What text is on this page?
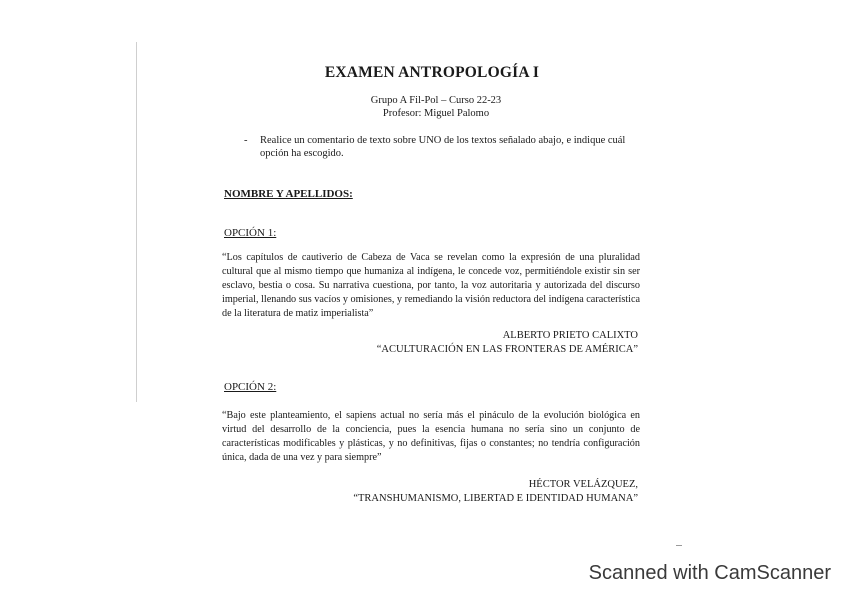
EXAMEN ANTROPOLOGÍA I
Grupo A Fil-Pol – Curso 22-23
Profesor: Miguel Palomo
- Realice un comentario de texto sobre UNO de los textos señalado abajo, e indique cuál opción ha escogido.
NOMBRE Y APELLIDOS:
OPCIÓN 1:
“Los capítulos de cautiverio de Cabeza de Vaca se revelan como la expresión de una pluralidad cultural que al mismo tiempo que humaniza al indígena, le concede voz, permitiéndole existir sin ser esclavo, bestia o cosa. Su narrativa cuestiona, por tanto, la voz autoritaria y autorizada del discurso imperial, llenando sus vacíos y omisiones, y remediando la visión reductora del indígena característica de la literatura de matiz imperialista”
ALBERTO PRIETO CALIXTO
“ACULTURACIÓN EN LAS FRONTERAS DE AMÉRICA”
OPCIÓN 2:
“Bajo este planteamiento, el sapiens actual no sería más el pináculo de la evolución biológica en virtud del desarrollo de la conciencia, pues la esencia humana no sería sino un conjunto de características modificables y plásticas, y no definitivas, fijas o constantes; no tendría configuración única, dada de una vez y para siempre”
HÉCTOR VELÁZQUEZ,
“TRANSHUMANISMO, LIBERTAD E IDENTIDAD HUMANA”
Scanned with CamScanner
